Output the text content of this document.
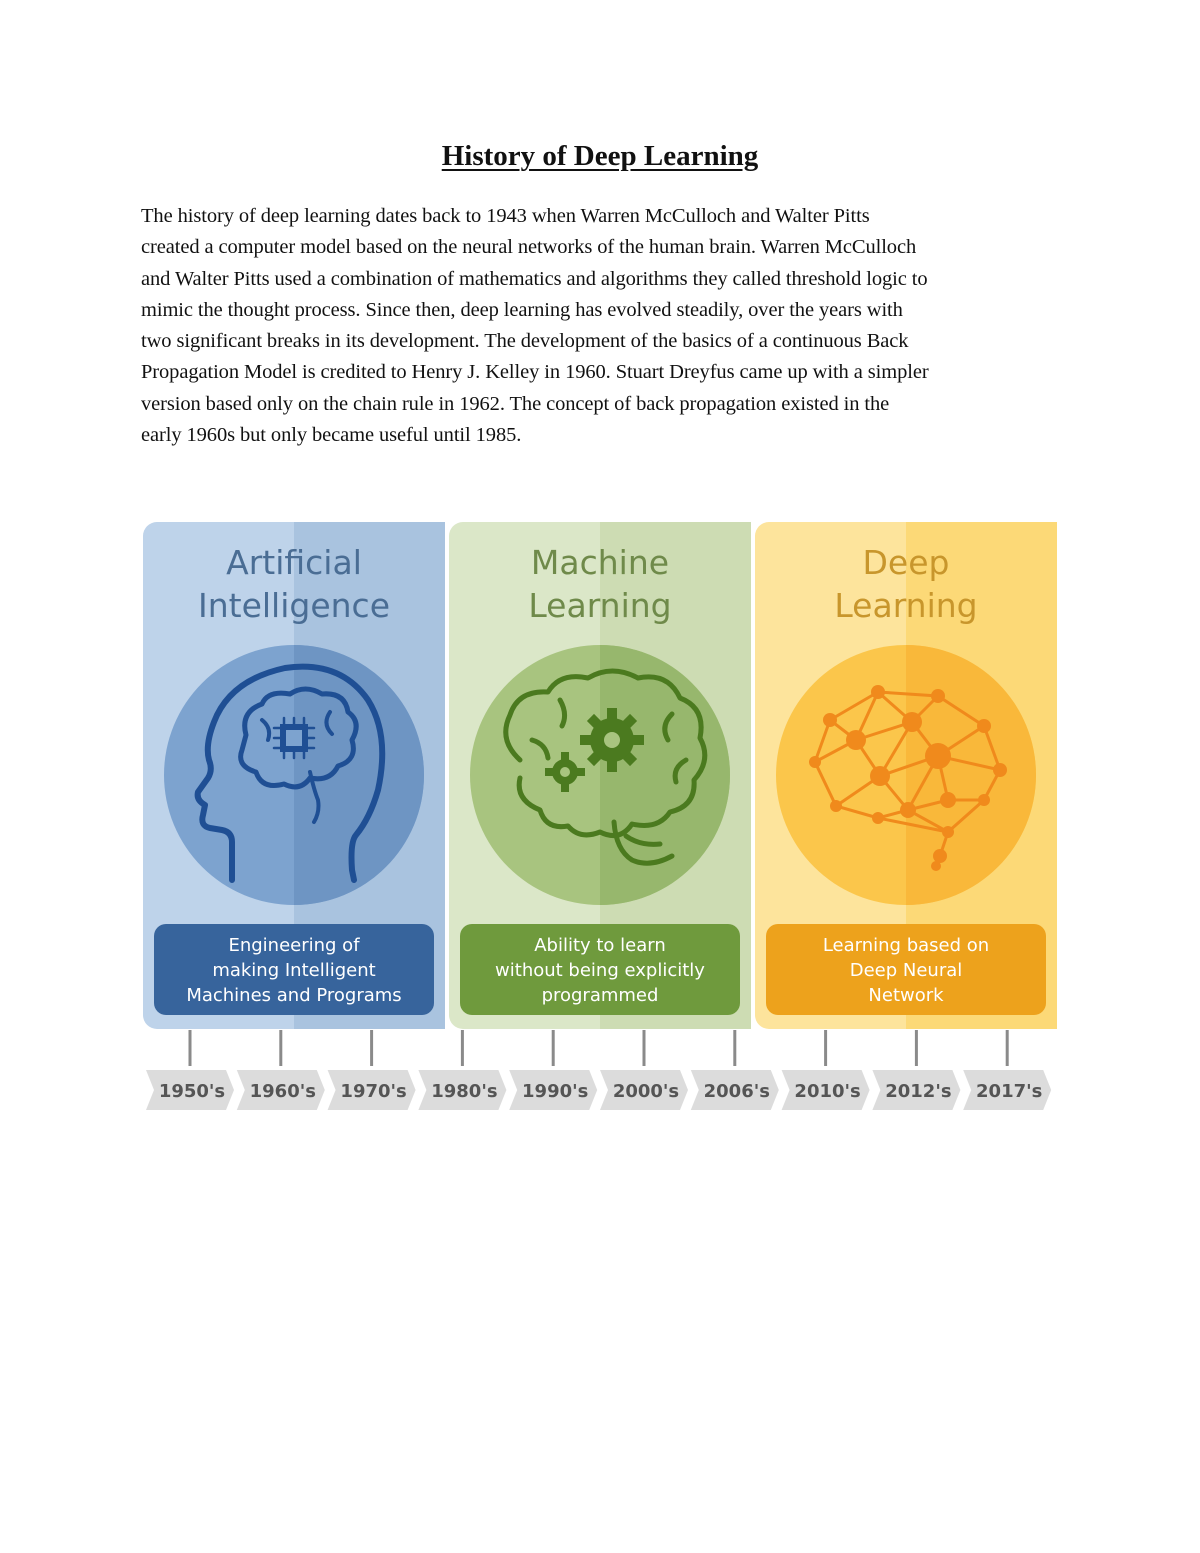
History of Deep Learning

The history of deep learning dates back to 1943 when Warren McCulloch and Walter Pitts
created a computer model based on the neural networks of the human brain. Warren McCulloch
and Walter Pitts used a combination of mathematics and algorithms they called threshold logic to
mimic the thought process. Since then, deep learning has evolved steadily, over the years with
two significant breaks in its development. The development of the basics of a continuous Back
Propagation Model is credited to Henry J. Kelley in 1960. Stuart Dreyfus came up with a simpler
version based only on the chain rule in 1962. The concept of back propagation existed in the
early 1960s but only became useful until 1985.

Artificial
Intelligence
Engineering of
making Intelligent
Machines and Programs
Machine
Learning
Ability to learn
without being explicitly
programmed
Deep
Learning
Learning based on
Deep Neural
Network
1950's 1960's 1970's 1980's 1990's 2000's 2006's 2010's 2012's 2017's
